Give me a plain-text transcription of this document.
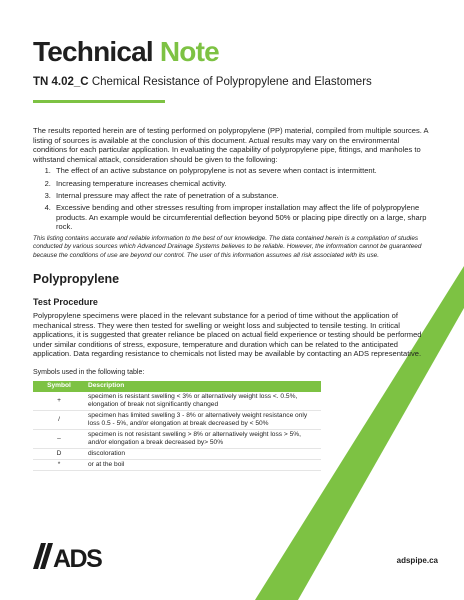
Technical Note

TN 4.02_C Chemical Resistance of Polypropylene and Elastomers

The results reported herein are of testing performed on polypropylene (PP) material, compiled from multiple sources. A listing of sources is available at the conclusion of this document. Actual results may vary on the environmental conditions for each particular application. In evaluating the capability of polypropylene pipe, fittings, and manholes to withstand chemical attack, consideration should be given to the following:

1. The effect of an active substance on polypropylene is not as severe when contact is intermittent.
2. Increasing temperature increases chemical activity.
3. Internal pressure may affect the rate of penetration of a substance.
4. Excessive bending and other stresses resulting from improper installation may affect the life of polypropylene products. An example would be circumferential deflection beyond 50% or placing pipe directly on a large, sharp rock.

This listing contains accurate and reliable information to the best of our knowledge. The data contained herein is a compilation of studies conducted by various sources which Advanced Drainage Systems believes to be reliable. However, the information cannot be guaranteed because the conditions of use are beyond our control. The user of this information assumes all risk associated with its use.

Polypropylene
Test Procedure

Polypropylene specimens were placed in the relevant substance for a period of time without the application of mechanical stress. They were then tested for swelling or weight loss and subjected to tensile testing. In critical applications, it is suggested that greater reliance be placed on actual field experience or testing should be performed under similar conditions of stress, exposure, temperature and duration which can be related to the anticipated application. Data regarding resistance to chemicals not listed may be available by contacting an ADS representative.

Symbols used in the following table:

Symbol	Description
+	specimen is resistant swelling < 3% or alternatively weight loss <. 0.5%, elongation of break not significantly changed
/	specimen has limited swelling 3 - 8% or alternatively weight resistance only loss 0.5 - 5%, and/or elongation at break decreased by < 50%
–	specimen is not resistant swelling > 8% or alternatively weight loss > 5%, and/or elongation a break decreased by> 50%
D	discoloration
*	or at the boil
ADS	adspipe.ca
